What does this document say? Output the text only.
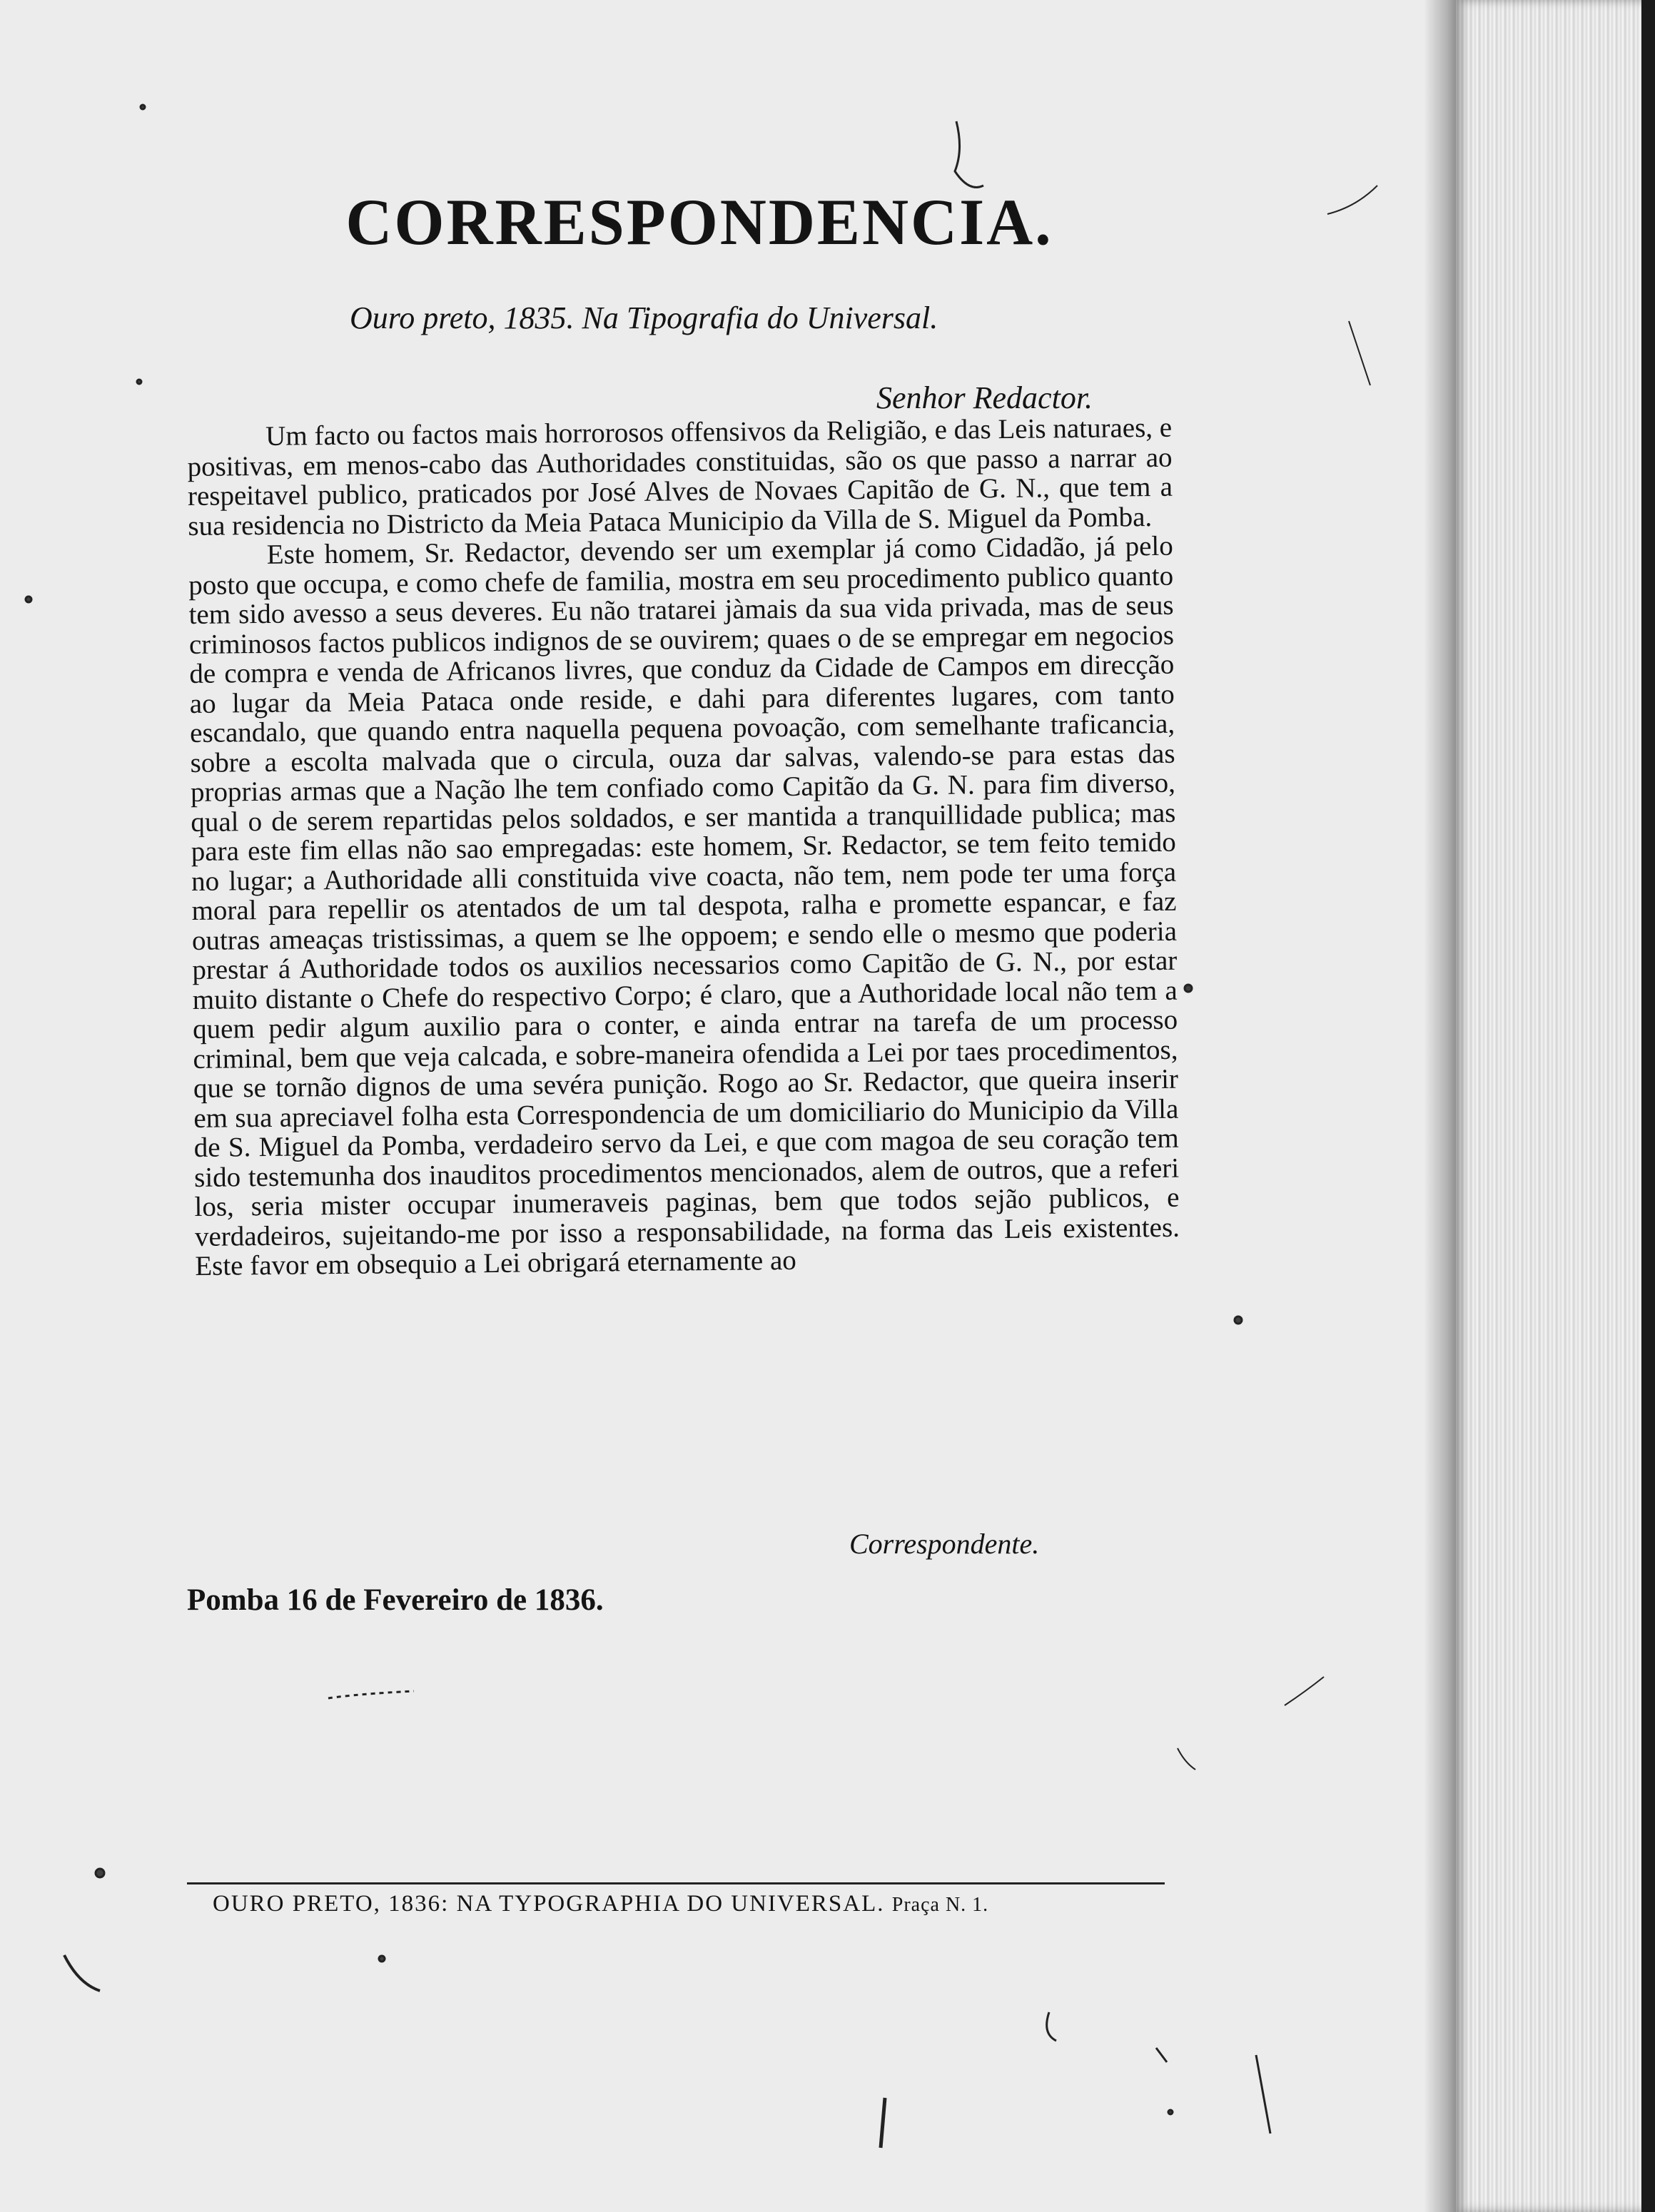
CORRESPONDENCIA.
Ouro preto, 1835. Na Tipografia do Universal.
Senhor Redactor.

Um facto ou factos mais horrorosos offensivos da Religião, e das Leis naturaes, e positivas, em menos-cabo das Authoridades constituidas, são os que passo a narrar ao respeitavel publico, praticados por José Alves de Novaes Capitão de G. N., que tem a sua residencia no Districto da Meia Pataca Municipio da Villa de S. Miguel da Pomba.

Este homem, Sr. Redactor, devendo ser um exemplar já como Cidadão, já pelo posto que occupa, e como chefe de familia, mostra em seu procedimento publico quanto tem sido avesso a seus deveres. Eu não tratarei jàmais da sua vida privada, mas de seus criminosos factos publicos indignos de se ouvirem; quaes o de se empregar em negocios de compra e venda de Africanos livres, que conduz da Cidade de Campos em direcção ao lugar da Meia Pataca onde reside, e dahi para diferentes lugares, com tanto escandalo, que quando entra naquella pequena povoação, com semelhante traficancia, sobre a escolta malvada que o circula, ouza dar salvas, valendo-se para estas das proprias armas que a Nação lhe tem confiado como Capitão da G. N. para fim diverso, qual o de serem repartidas pelos soldados, e ser mantida a tranquillidade publica; mas para este fim ellas não sao empregadas: este homem, Sr. Redactor, se tem feito temido no lugar; a Authoridade alli constituida vive coacta, não tem, nem pode ter uma força moral para repellir os atentados de um tal despota, ralha e promette espancar, e faz outras ameaças tristissimas, a quem se lhe oppoem; e sendo elle o mesmo que poderia prestar á Authoridade todos os auxilios necessarios como Capitão de G. N., por estar muito distante o Chefe do respectivo Corpo; é claro, que a Authoridade local não tem a quem pedir algum auxilio para o conter, e ainda entrar na tarefa de um processo criminal, bem que veja calcada, e sobre-maneira ofendida a Lei por taes procedimentos, que se tornão dignos de uma sevéra punição. Rogo ao Sr. Redactor, que queira inserir em sua apreciavel folha esta Correspondencia de um domiciliario do Municipio da Villa de S. Miguel da Pomba, verdadeiro servo da Lei, e que com magoa de seu coração tem sido testemunha dos inauditos procedimentos mencionados, alem de outros, que a referi los, seria mister occupar inumeraveis paginas, bem que todos sejão publicos, e verdadeiros, sujeitando-me por isso a responsabilidade, na forma das Leis existentes. Este favor em obsequio a Lei obrigará eternamente ao

Correspondente.
Pomba 16 de Fevereiro de 1836.
OURO PRETO, 1836: NA TYPOGRAPHIA DO UNIVERSAL. Praça N. 1.
